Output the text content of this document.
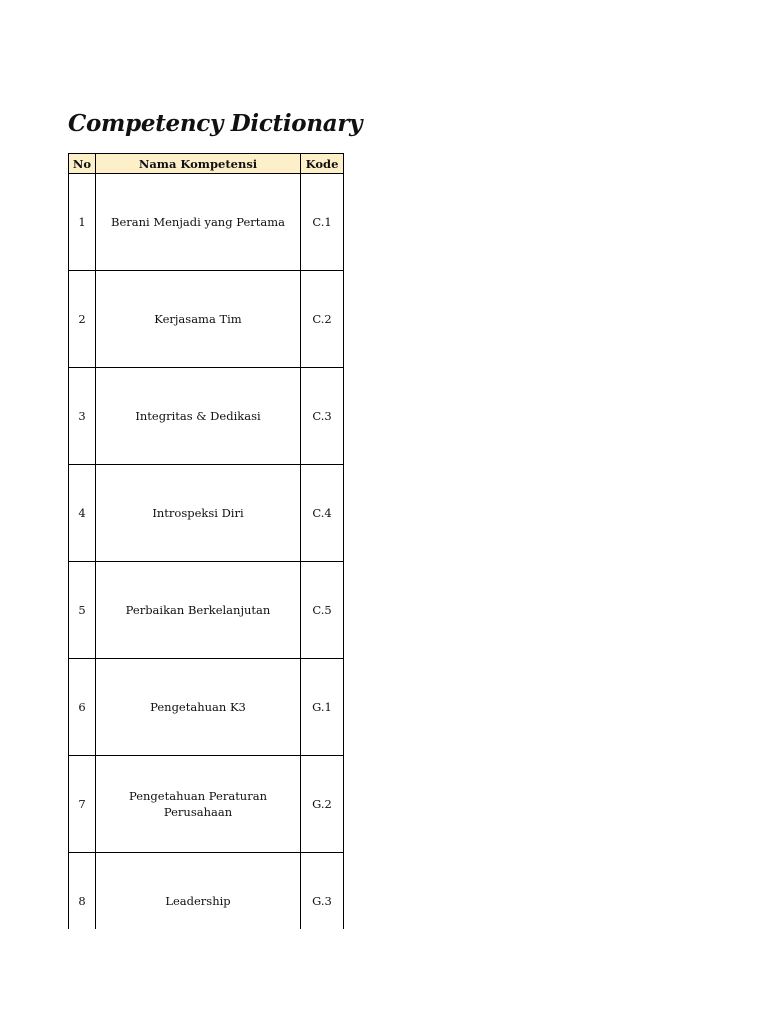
Competency Dictionary
No	Nama Kompetensi	Kode
1	Berani Menjadi yang Pertama	C.1
2	Kerjasama Tim	C.2
3	Integritas & Dedikasi	C.3
4	Introspeksi Diri	C.4
5	Perbaikan Berkelanjutan	C.5
6	Pengetahuan K3	G.1
7	Pengetahuan Peraturan Perusahaan	G.2
8	Leadership	G.3
